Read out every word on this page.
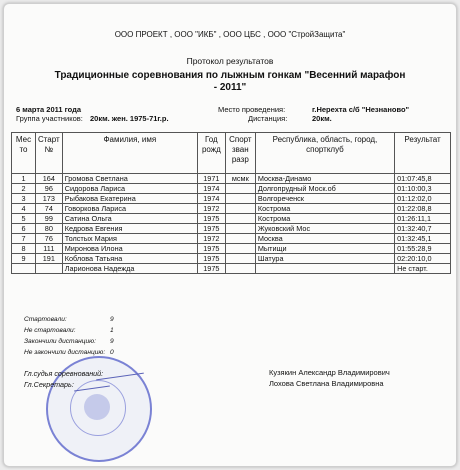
ООО ПРОЕКТ , ООО "ИКБ" , ООО ЦБС , ООО "СтройЗащита"
Протокол результатов
Традиционные соревнования по лыжным гонкам "Весенний марафон - 2011"
6 марта 2011 года
Группа участников: 20км. жен. 1975-71г.р.
Место проведения:	г.Нерехта с/б "Незнаново"
Дистанция:	20км.
Мес то	Старт №	Фамилия, имя	Год рожд	Спорт зван разр	Республика, область, город, спортклуб	Результат
1	164	Громова Светлана	1971	мсмк	Москва-Динамо	01:07:45,8
2	96	Сидорова Лариса	1974		Долгопрудный Моск.об	01:10:00,3
3	173	Рыбакова Екатерина	1974		Волгореченск	01:12:02,0
4	74	Говоркова Лариса	1972		Кострома	01:22:08,8
5	99	Сатина Ольга	1975		Кострома	01:26:11,1
6	80	Кедрова Евгения	1975		Жуковский Мос	01:32:40,7
7	76	Толстых Мария	1972		Москва	01:32:45,1
8	111	Миронова Илона	1975		Мытищи	01:55:28,9
9	191	Коблова Татьяна	1975		Шатура	02:20:10,0
		Ларионова Надежда	1975			Не старт.
Стартовали:	9
Не стартовали:	1
Закончили дистанцию: 9
Не закончили дистанцию: 0
Гл.судья соревнований:
Гл.Секретарь:
Кузякин Александр Владимирович
Лохова Светлана Владимировна
